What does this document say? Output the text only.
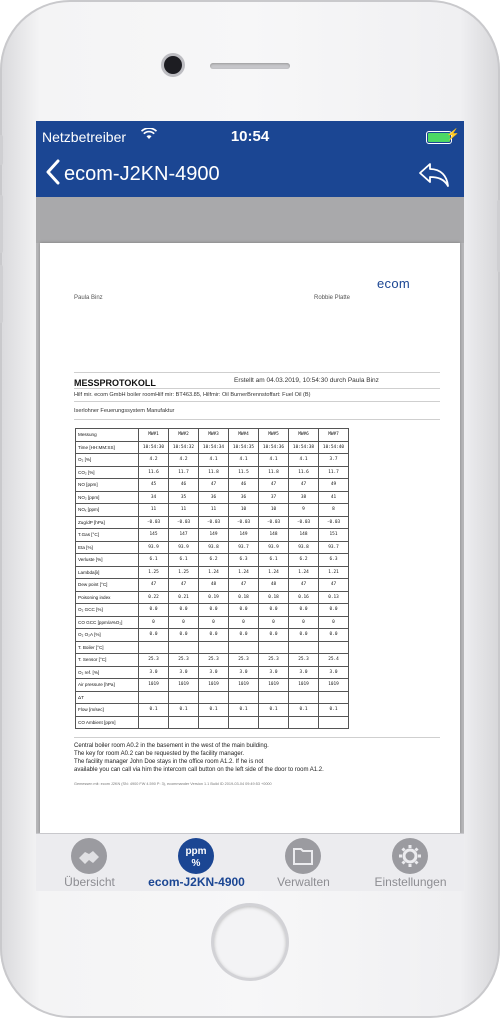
Netzbetreiber	10:54	⚡
ecom-J2KN-4900
ecom
Paula Binz	Robbie Platte
MESSPROTOKOLL	Erstellt am 04.03.2019, 10:54:30 durch Paula Binz
Hilf mir. ecom GmbH boiler roomHilf mir: BT463.85, Hilfmir: Oil BurnerBrennstoffart: Fuel Oil (B)
Iserlohner Feuerungssystem Manufaktur
Messung	MW#1	MW#2	MW#3	MW#4	MW#5	MW#6	MW#7
Time [HH:MM:SS]	10:54:30	10:54:32	10:54:34	10:54:35	10:54:36	10:54:38	10:54:40
O₂ [%]	4.2	4.2	4.1	4.1	4.1	4.1	3.7
CO₂ [%]	11.6	11.7	11.8	11.5	11.8	11.6	11.7
NO [ppm]	45	46	47	46	47	47	49
NO₂ [ppm]	34	35	36	36	37	38	41
NOₓ [ppm]	11	11	11	10	10	9	8
Zug/dP [hPa]	-0.03	-0.03	-0.03	-0.03	-0.03	-0.03	-0.03
T.Gas [°C]	145	147	149	149	148	148	151
Eta [%]	93.9	93.9	93.8	93.7	93.9	93.8	93.7
Verluste [%]	6.1	6.1	6.2	6.3	6.1	6.2	6.3
Lambda[λ]	1.25	1.25	1.24	1.24	1.24	1.24	1.21
Dew point [°C]	47	47	48	47	48	47	47
Poisoning index	0.22	0.21	0.19	0.18	0.18	0.16	0.13
O₂ GCC [%]	0.0	0.0	0.0	0.0	0.0	0.0	0.0
CO GCC [ppm/a%O₂]	0	0	0	0	0	0	0
O₂ O₂A [%]	0.0	0.0	0.0	0.0	0.0	0.0	0.0
T. Boiler [°C]							
T. Sensor [°C]	25.3	25.3	25.3	25.3	25.3	25.3	25.4
O₂ ref. [%]	3.0	3.0	3.0	3.0	3.0	3.0	3.0
Air pressure [hPa]	1019	1019	1019	1019	1019	1019	1019
ΔT							
Flow [m/sec]	0.1	0.1	0.1	0.1	0.1	0.1	0.1
CO Ambient [ppm]							
Central boiler room A0.2 in the basement in the west of the main building.
The key for room A0.2 can be requested by the facility manager.
The facility manager John Doe stays in the office room A1.2. If he is not
available you can call via him the intercom call button on the left side of the door to room A1.2.
Gemessen mit: ecom J2KN (SN: 4900 FW 4.590 P: 3), ecommander Version 1.1 Build ID 2019-03-04 09:49:53 +0000
Übersicht
ppm
%
ecom-J2KN-4900	Verwalten	Einstellungen
